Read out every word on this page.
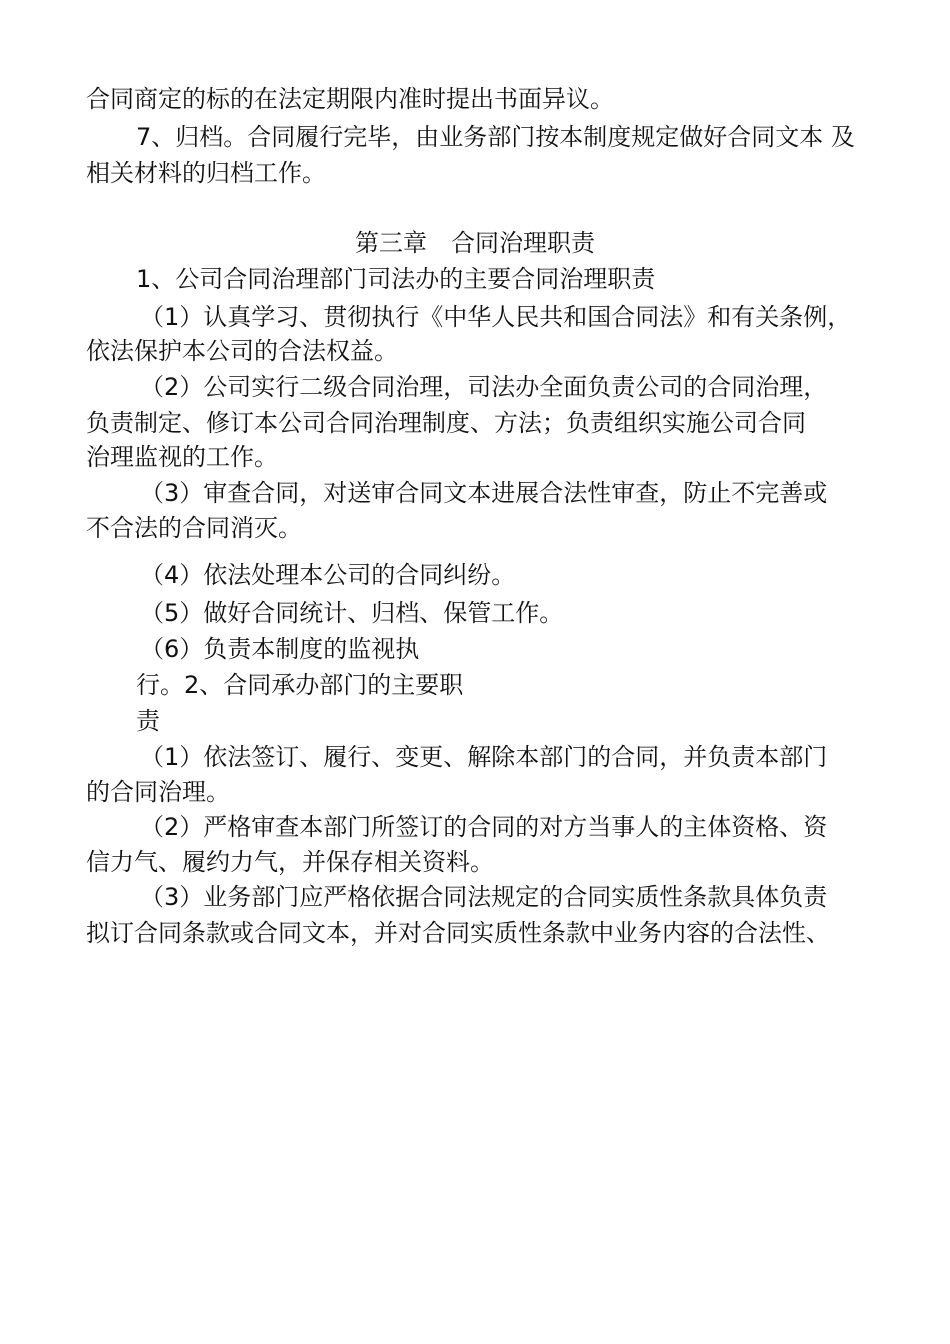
合同商定的标的在法定期限内准时提出书面异议。
7、归档。合同履行完毕，由业务部门按本制度规定做好合同文本 及
相关材料的归档工作。
第三章　合同治理职责
1、公司合同治理部门司法办的主要合同治理职责
（1）认真学习、贯彻执行《中华人民共和国合同法》和有关条例，
依法保护本公司的合法权益。
（2）公司实行二级合同治理，司法办全面负责公司的合同治理，
负责制定、修订本公司合同治理制度、方法；负责组织实施公司合同
治理监视的工作。
（3）审查合同，对送审合同文本进展合法性审查，防止不完善或
不合法的合同消灭。
（4）依法处理本公司的合同纠纷。
（5）做好合同统计、归档、保管工作。
（6）负责本制度的监视执
行。2、合同承办部门的主要职
责
（1）依法签订、履行、变更、解除本部门的合同，并负责本部门
的合同治理。
（2）严格审查本部门所签订的合同的对方当事人的主体资格、资
信力气、履约力气，并保存相关资料。
（3）业务部门应严格依据合同法规定的合同实质性条款具体负责
拟订合同条款或合同文本，并对合同实质性条款中业务内容的合法性、
